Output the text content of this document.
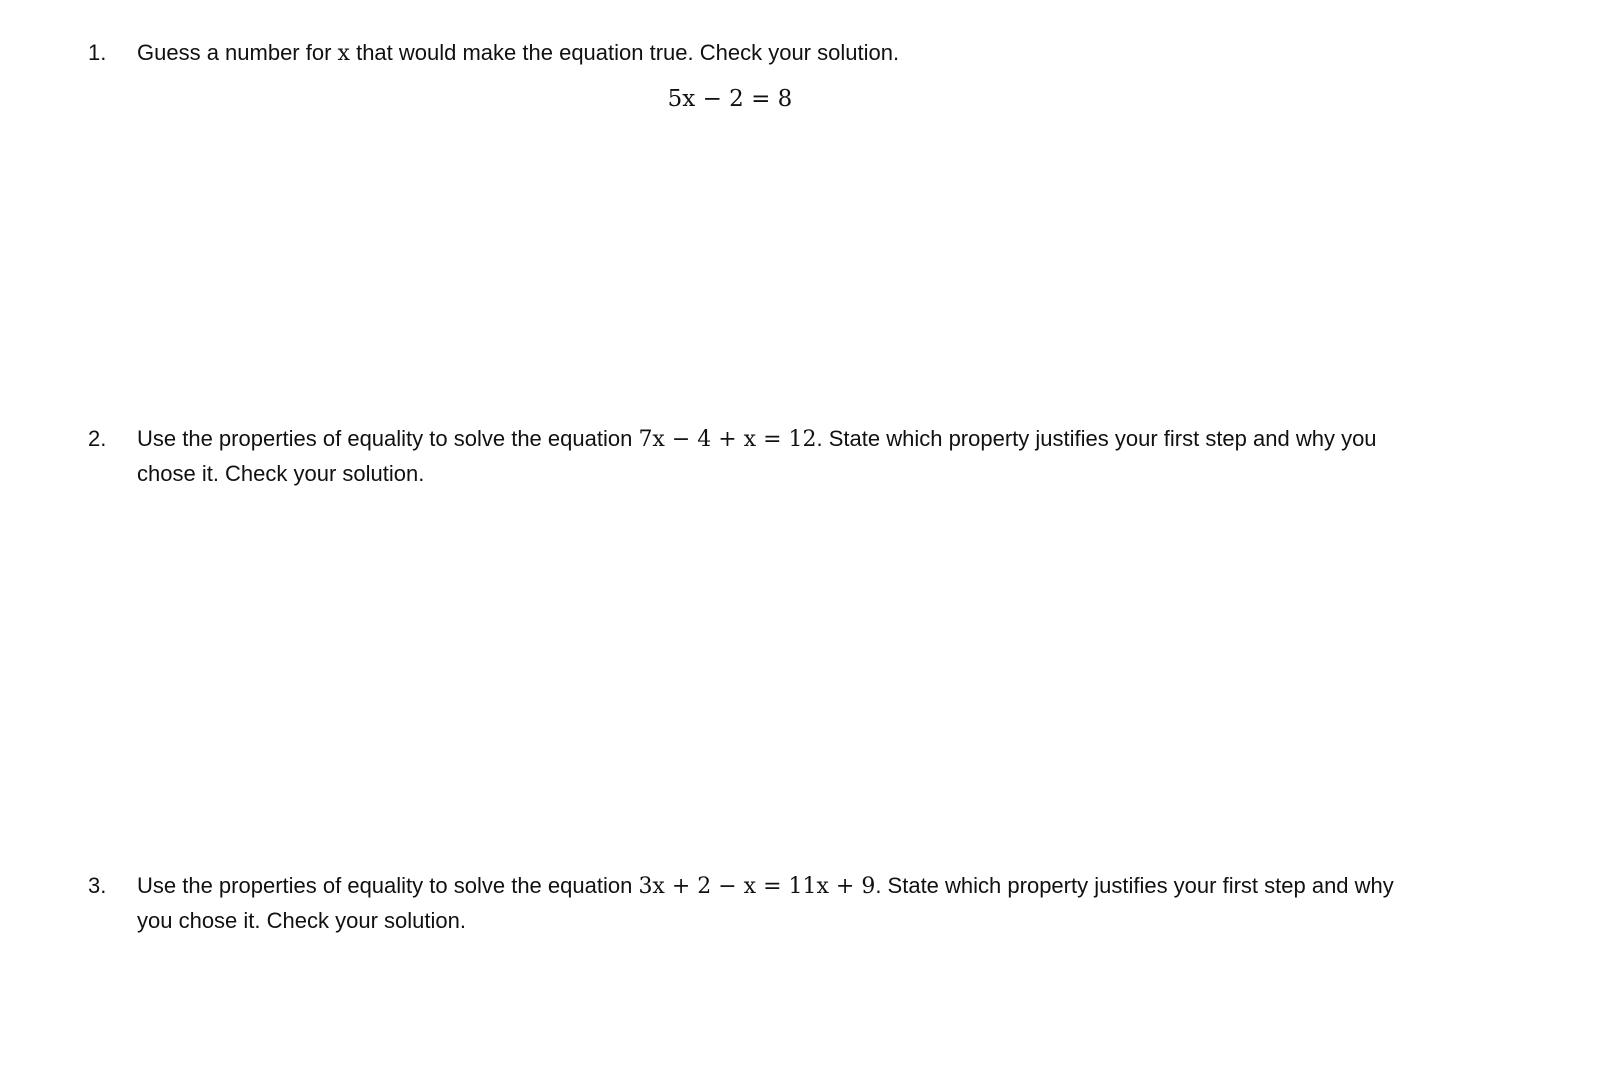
1. Guess a number for x that would make the equation true. Check your solution.
5x − 2 = 8
2. Use the properties of equality to solve the equation 7x − 4 + x = 12. State which property justifies your first step and why you chose it. Check your solution.
3. Use the properties of equality to solve the equation 3x + 2 − x = 11x + 9. State which property justifies your first step and why you chose it. Check your solution.
